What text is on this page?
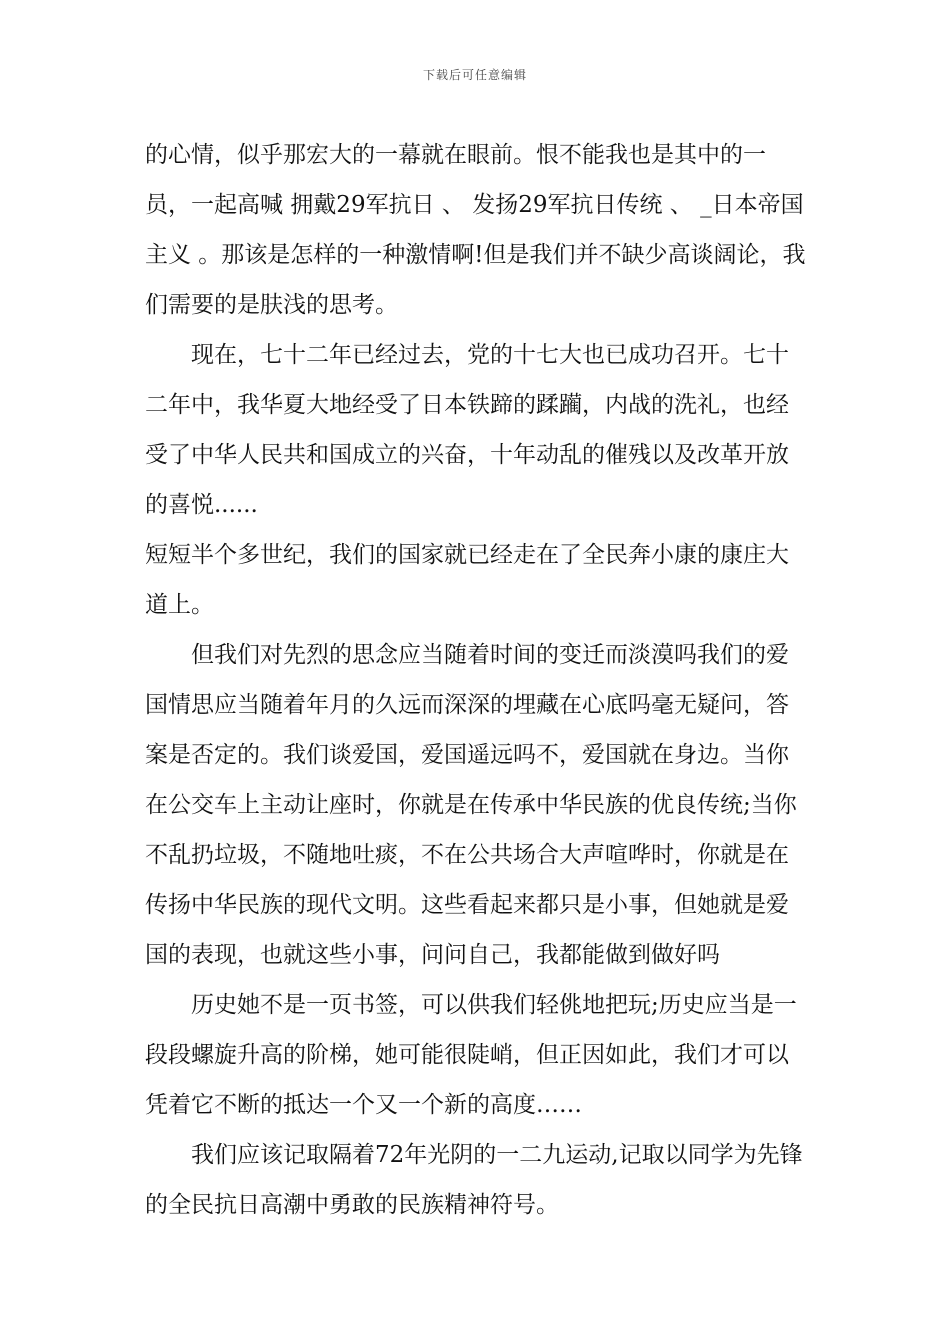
下载后可任意编辑

的心情，似乎那宏大的一幕就在眼前。恨不能我也是其中的一员，一起高喊 拥戴29军抗日 、 发扬29军抗日传统 、 _日本帝国主义 。那该是怎样的一种激情啊!但是我们并不缺少高谈阔论，我们需要的是肤浅的思考。

现在，七十二年已经过去，党的十七大也已成功召开。七十二年中，我华夏大地经受了日本铁蹄的蹂躏，内战的洗礼，也经受了中华人民共和国成立的兴奋，十年动乱的催残以及改革开放的喜悦......

短短半个多世纪，我们的国家就已经走在了全民奔小康的康庄大道上。

但我们对先烈的思念应当随着时间的变迁而淡漠吗我们的爱国情思应当随着年月的久远而深深的埋藏在心底吗毫无疑问，答案是否定的。我们谈爱国，爱国遥远吗不，爱国就在身边。当你在公交车上主动让座时，你就是在传承中华民族的优良传统;当你不乱扔垃圾，不随地吐痰，不在公共场合大声喧哗时，你就是在传扬中华民族的现代文明。这些看起来都只是小事，但她就是爱国的表现，也就这些小事，问问自己，我都能做到做好吗

历史她不是一页书签，可以供我们轻佻地把玩;历史应当是一段段螺旋升高的阶梯，她可能很陡峭，但正因如此，我们才可以凭着它不断的抵达一个又一个新的高度……

我们应该记取隔着72年光阴的一二九运动,记取以同学为先锋的全民抗日高潮中勇敢的民族精神符号。
